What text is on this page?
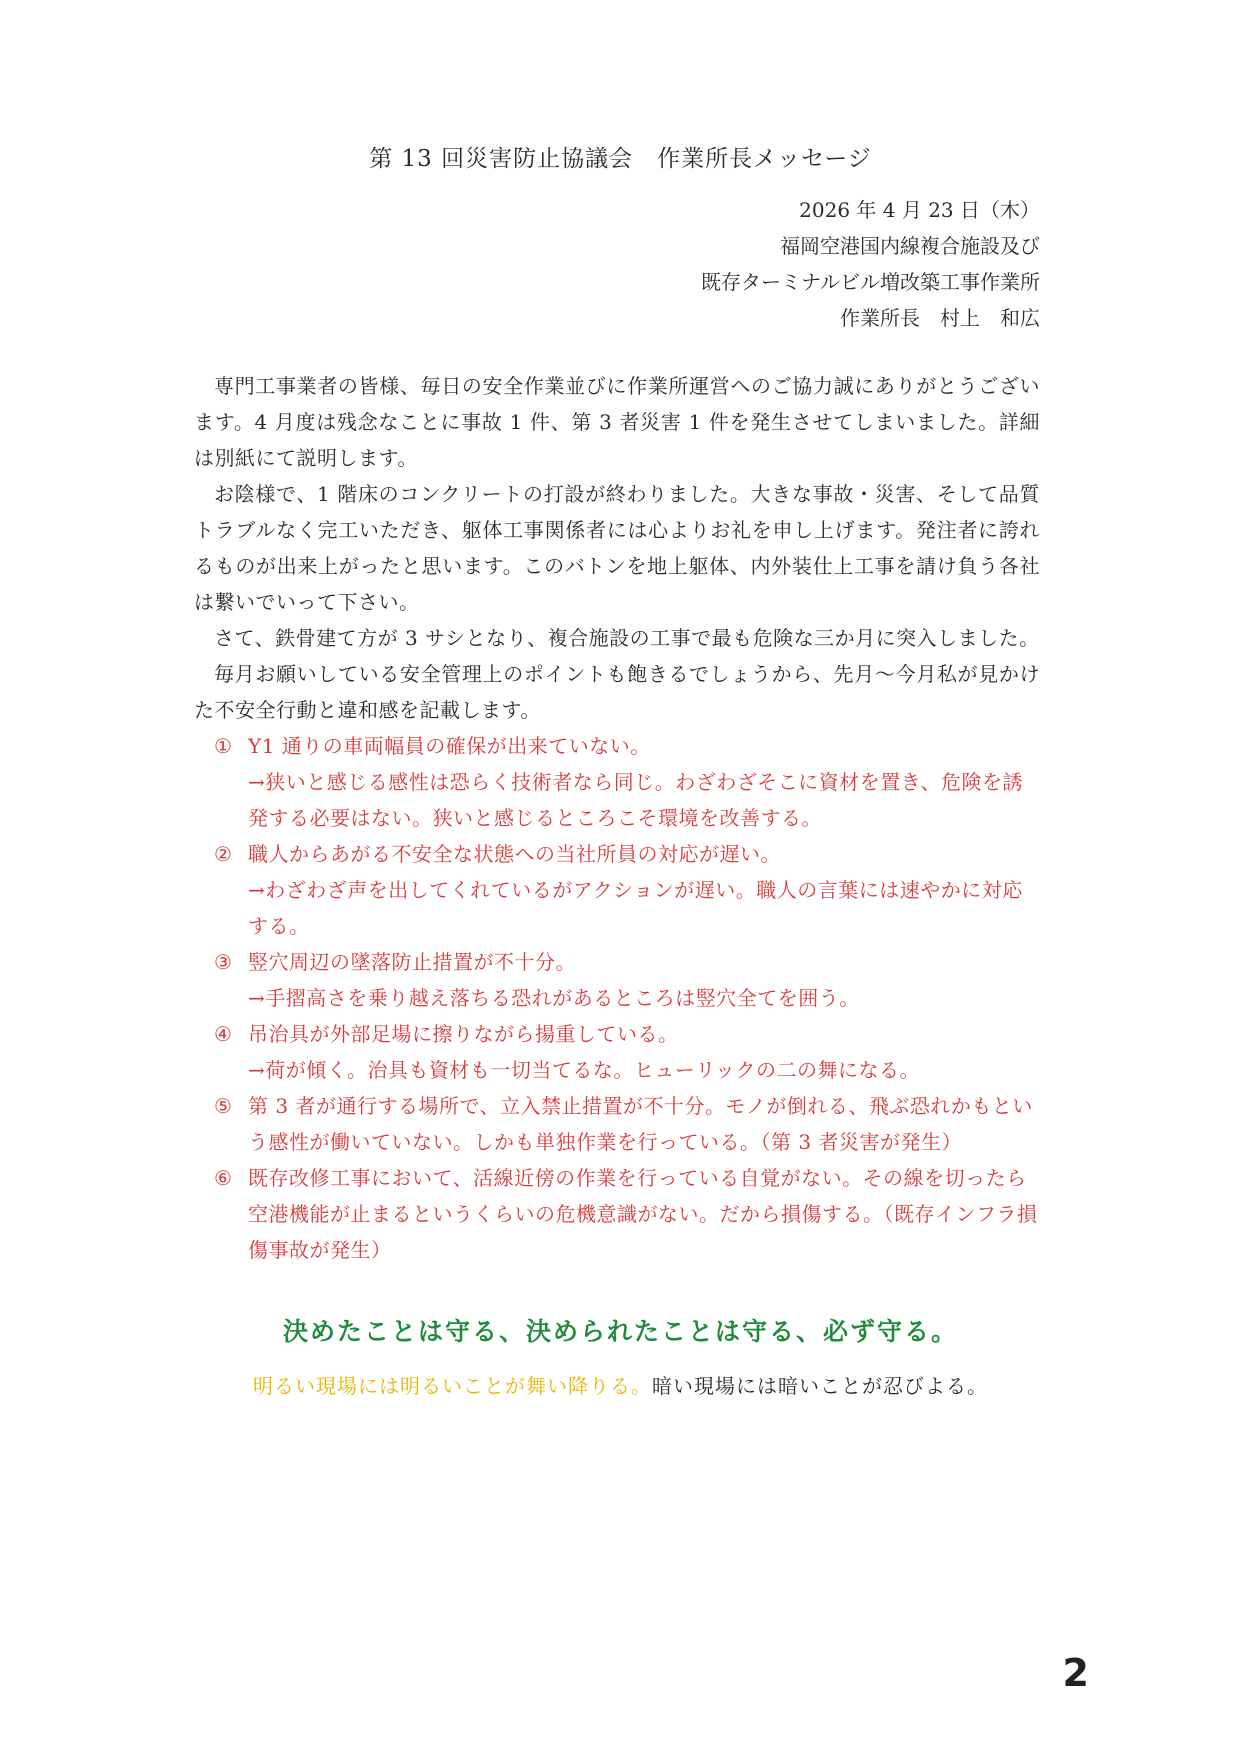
第 13 回災害防止協議会　作業所長メッセージ
2026 年 4 月 23 日（木）
福岡空港国内線複合施設及び
既存ターミナルビル増改築工事作業所
作業所長　村上　和広

専門工事業者の皆様、毎日の安全作業並びに作業所運営へのご協力誠にありがとうございます。4 月度は残念なことに事故 1 件、第 3 者災害 1 件を発生させてしまいました。詳細は別紙にて説明します。

お陰様で、1 階床のコンクリートの打設が終わりました。大きな事故・災害、そして品質トラブルなく完工いただき、躯体工事関係者には心よりお礼を申し上げます。発注者に誇れるものが出来上がったと思います。このバトンを地上躯体、内外装仕上工事を請け負う各社は繋いでいって下さい。

さて、鉄骨建て方が 3 サシとなり、複合施設の工事で最も危険な三か月に突入しました。

毎月お願いしている安全管理上のポイントも飽きるでしょうから、先月～今月私が見かけた不安全行動と違和感を記載します。

① Y1 通りの車両幅員の確保が出来ていない。
→狭いと感じる感性は恐らく技術者なら同じ。わざわざそこに資材を置き、危険を誘発する必要はない。狭いと感じるところこそ環境を改善する。
② 職人からあがる不安全な状態への当社所員の対応が遅い。
→わざわざ声を出してくれているがアクションが遅い。職人の言葉には速やかに対応する。
③ 竪穴周辺の墜落防止措置が不十分。
→手摺高さを乗り越え落ちる恐れがあるところは竪穴全てを囲う。
④ 吊治具が外部足場に擦りながら揚重している。
→荷が傾く。治具も資材も一切当てるな。ヒューリックの二の舞になる。
⑤ 第 3 者が通行する場所で、立入禁止措置が不十分。モノが倒れる、飛ぶ恐れかもという感性が働いていない。しかも単独作業を行っている。（第 3 者災害が発生）
⑥ 既存改修工事において、活線近傍の作業を行っている自覚がない。その線を切ったら空港機能が止まるというくらいの危機意識がない。だから損傷する。（既存インフラ損傷事故が発生）
決めたことは守る、決められたことは守る、必ず守る。
明るい現場には明るいことが舞い降りる。暗い現場には暗いことが忍びよる。
2
